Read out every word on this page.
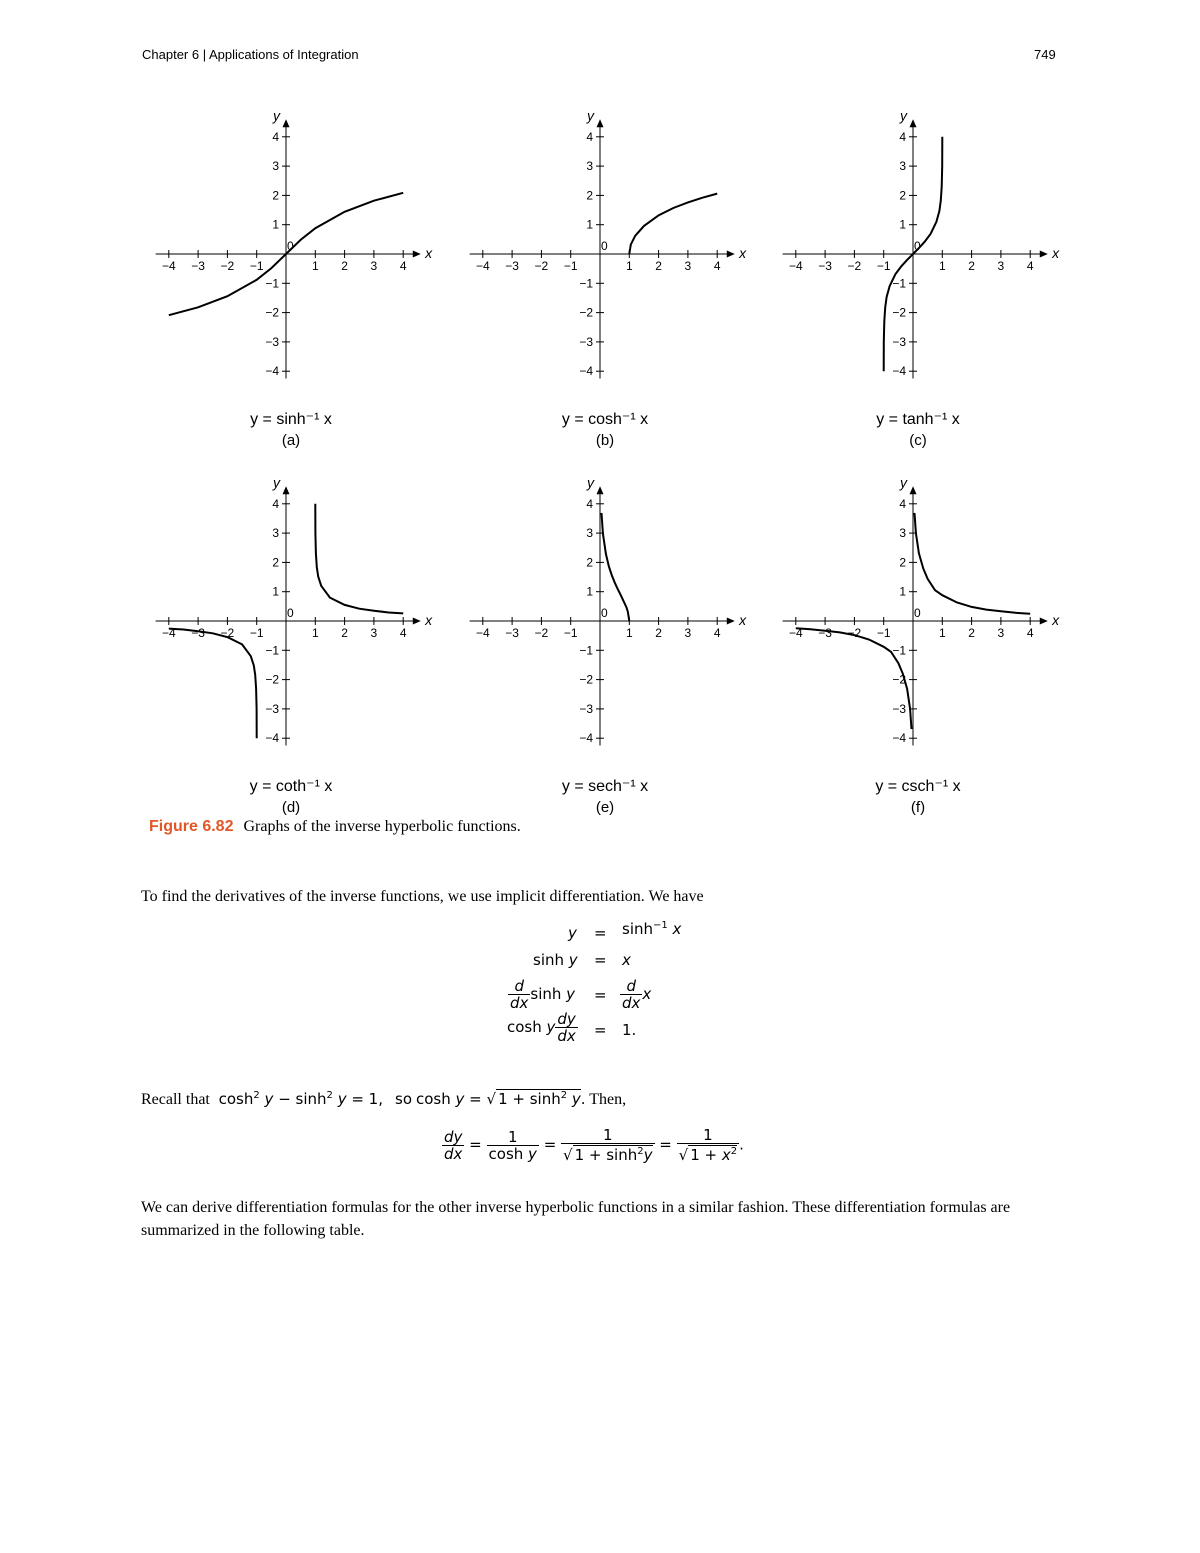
Chapter 6 | Applications of Integration	749
−4 −3 −2 −1
0
1 2 3 4
4
3
2
1
−1
−2
−3
−4
x
y
y = sinh⁻¹ x
(a)
−4 −3 −2 −1
0
1 2 3 4
4
3
2
1
−1
−2
−3
−4
x
y
y = cosh⁻¹ x
(b)
−4 −3 −2 −1
0
1 2 3 4
4
3
2
1
−1
−2
−3
−4
x
y
y = tanh⁻¹ x
(c)
−4 −3 −2 −1
0
1 2 3 4
4
3
2
1
−1
−2
−3
−4
x
y
y = coth⁻¹ x
(d)
−4 −3 −2 −1
0
1 2 3 4
4
3
2
1
−1
−2
−3
−4
x
y
y = sech⁻¹ x
(e)
−4 −3 −2 −1
0
1 2 3 4
4
3
2
1
−1
−2
−3
−4
x
y
y = csch⁻¹ x
(f)
Figure 6.82 Graphs of the inverse hyperbolic functions.
To find the derivatives of the inverse functions, we use implicit differentiation. We have
$y = \sinh^{-1} x$
sinh y = x
$\frac{d}{dx}$ $\sinh y = \frac{d}{dx}$ x
cosh y $\frac{dy}{dx} = 1$.
Recall that  $\cosh^2 y - \sinh^2 y = 1$, so cosh y = √ $1 + \sinh^2 y$. Then,
$\frac{dy}{dx} = \frac{1}{\text{cosh y}} = \frac{1}{√ 1 + \sinh^2y} = \frac{1}{√ 1 + x^2}$ .
We can derive differentiation formulas for the other inverse hyperbolic functions in a similar fashion. These differentiation formulas are summarized in the following table.
